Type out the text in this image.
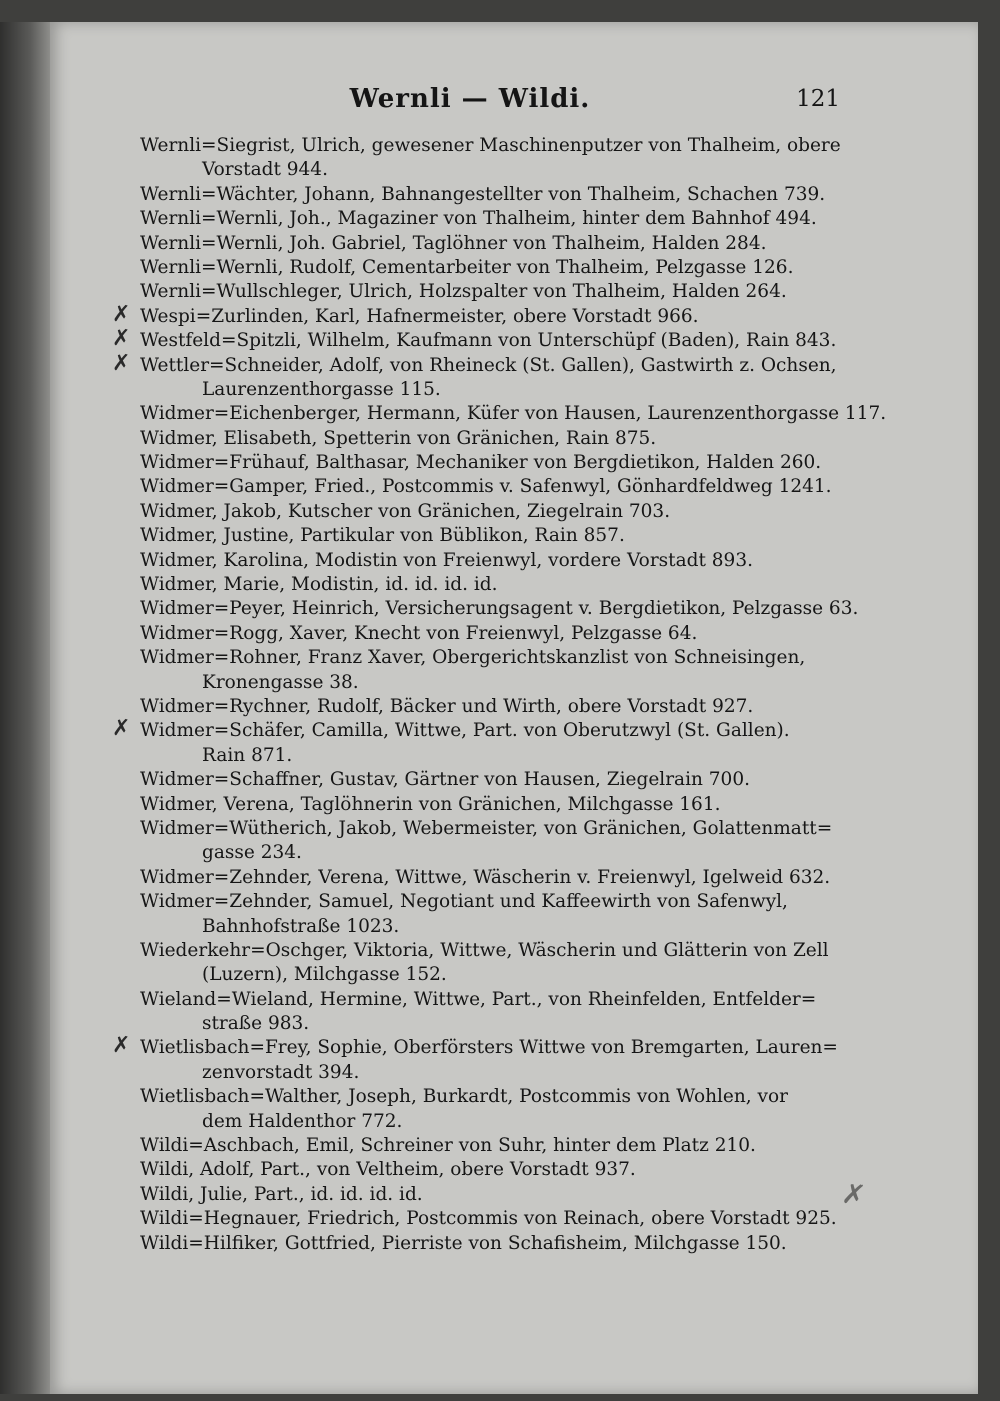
Wernli — Wildi.	121
Wernli=Siegrist, Ulrich, gewesener Maschinenputzer von Thalheim, obere
Vorstadt 944.
Wernli=Wächter, Johann, Bahnangestellter von Thalheim, Schachen 739.
Wernli=Wernli, Joh., Magaziner von Thalheim, hinter dem Bahnhof 494.
Wernli=Wernli, Joh. Gabriel, Taglöhner von Thalheim, Halden 284.
Wernli=Wernli, Rudolf, Cementarbeiter von Thalheim, Pelzgasse 126.
Wernli=Wullschleger, Ulrich, Holzspalter von Thalheim, Halden 264.
✗ Wespi=Zurlinden, Karl, Hafnermeister, obere Vorstadt 966.
✗ Westfeld=Spitzli, Wilhelm, Kaufmann von Unterschüpf (Baden), Rain 843.
✗ Wettler=Schneider, Adolf, von Rheineck (St. Gallen), Gastwirth z. Ochsen,
Laurenzenthorgasse 115.
Widmer=Eichenberger, Hermann, Küfer von Hausen, Laurenzenthorgasse 117.
Widmer, Elisabeth, Spetterin von Gränichen, Rain 875.
Widmer=Frühauf, Balthasar, Mechaniker von Bergdietikon, Halden 260.
Widmer=Gamper, Fried., Postcommis v. Safenwyl, Gönhardfeldweg 1241.
Widmer, Jakob, Kutscher von Gränichen, Ziegelrain 703.
Widmer, Justine, Partikular von Büblikon, Rain 857.
Widmer, Karolina, Modistin von Freienwyl, vordere Vorstadt 893.
Widmer, Marie, Modistin, id. id. id. id.
Widmer=Peyer, Heinrich, Versicherungsagent v. Bergdietikon, Pelzgasse 63.
Widmer=Rogg, Xaver, Knecht von Freienwyl, Pelzgasse 64.
Widmer=Rohner, Franz Xaver, Obergerichtskanzlist von Schneisingen,
Kronengasse 38.
Widmer=Rychner, Rudolf, Bäcker und Wirth, obere Vorstadt 927.
✗ Widmer=Schäfer, Camilla, Wittwe, Part. von Oberutzwyl (St. Gallen).
Rain 871.
Widmer=Schaffner, Gustav, Gärtner von Hausen, Ziegelrain 700.
Widmer, Verena, Taglöhnerin von Gränichen, Milchgasse 161.
Widmer=Wütherich, Jakob, Webermeister, von Gränichen, Golattenmatt=
gasse 234.
Widmer=Zehnder, Verena, Wittwe, Wäscherin v. Freienwyl, Igelweid 632.
Widmer=Zehnder, Samuel, Negotiant und Kaffeewirth von Safenwyl,
Bahnhofstraße 1023.
Wiederkehr=Oschger, Viktoria, Wittwe, Wäscherin und Glätterin von Zell
(Luzern), Milchgasse 152.
Wieland=Wieland, Hermine, Wittwe, Part., von Rheinfelden, Entfelder=
straße 983.
✗ Wietlisbach=Frey, Sophie, Oberförsters Wittwe von Bremgarten, Lauren=
zenvorstadt 394.
Wietlisbach=Walther, Joseph, Burkardt, Postcommis von Wohlen, vor
dem Haldenthor 772.
Wildi=Aschbach, Emil, Schreiner von Suhr, hinter dem Platz 210.
Wildi, Adolf, Part., von Veltheim, obere Vorstadt 937.
Wildi, Julie, Part., id. id. id. id.
Wildi=Hegnauer, Friedrich, Postcommis von Reinach, obere Vorstadt 925.
Wildi=Hilfiker, Gottfried, Pierriste von Schafisheim, Milchgasse 150.
✗
